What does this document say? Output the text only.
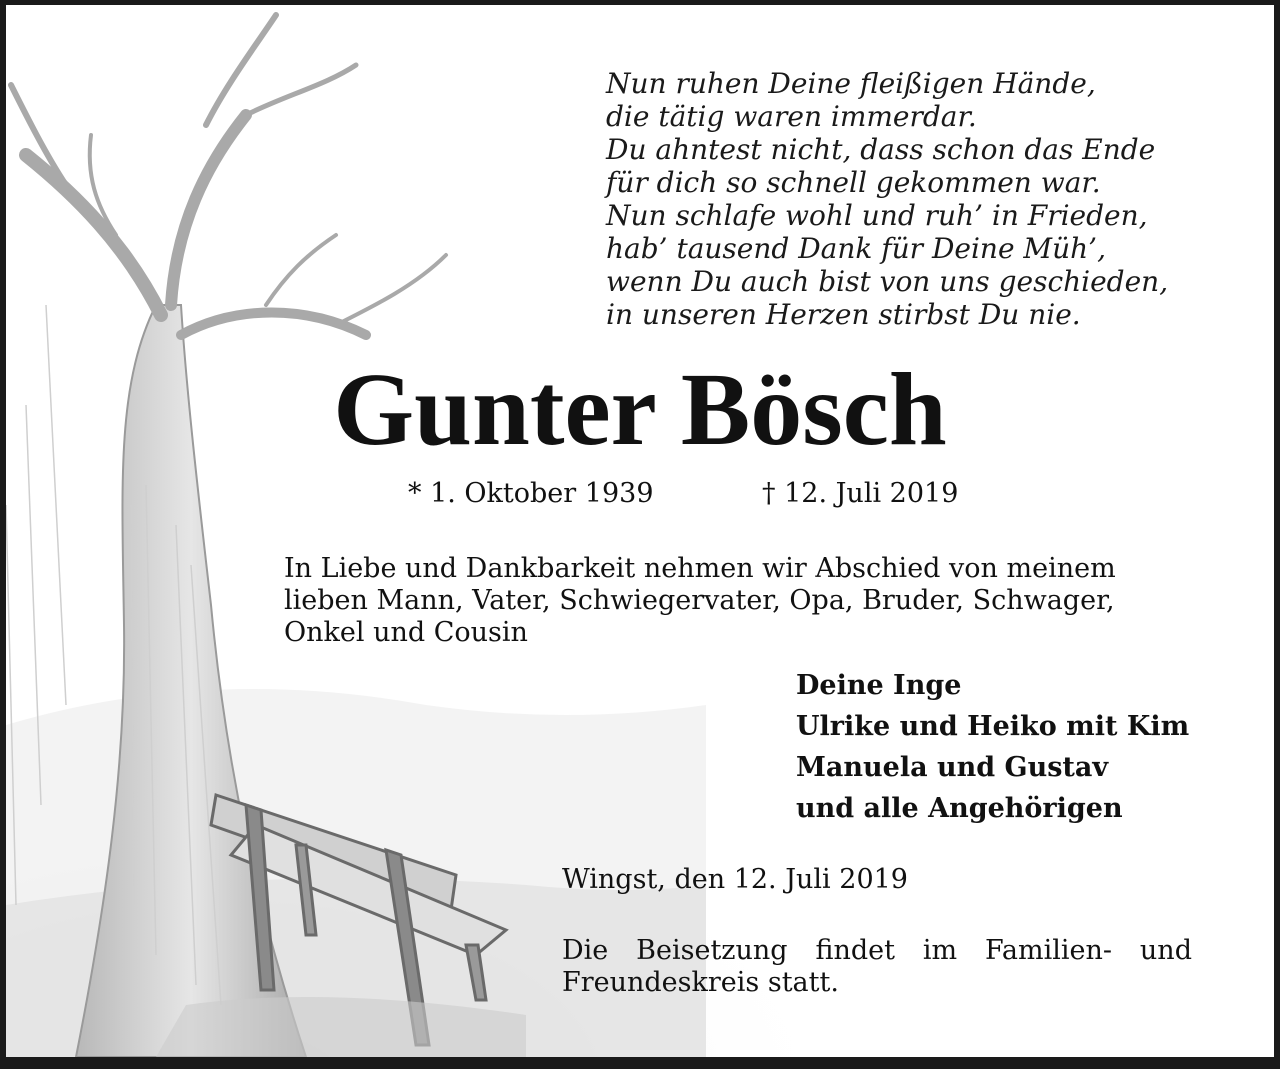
Nun ruhen Deine fleißigen Hände,
die tätig waren immerdar.
Du ahntest nicht, dass schon das Ende
für dich so schnell gekommen war.
Nun schlafe wohl und ruh’ in Frieden,
hab’ tausend Dank für Deine Müh’,
wenn Du auch bist von uns geschieden,
in unseren Herzen stirbst Du nie.
Gunter Bösch
* 1. Oktober 1939	† 12. Juli 2019
In Liebe und Dankbarkeit nehmen wir Abschied von meinem
lieben Mann, Vater, Schwiegervater, Opa, Bruder, Schwager,
Onkel und Cousin
Deine Inge
Ulrike und Heiko mit Kim
Manuela und Gustav
und alle Angehörigen
Wingst, den 12. Juli 2019
Die Beisetzung findet im Familien- und
Freundeskreis statt.
